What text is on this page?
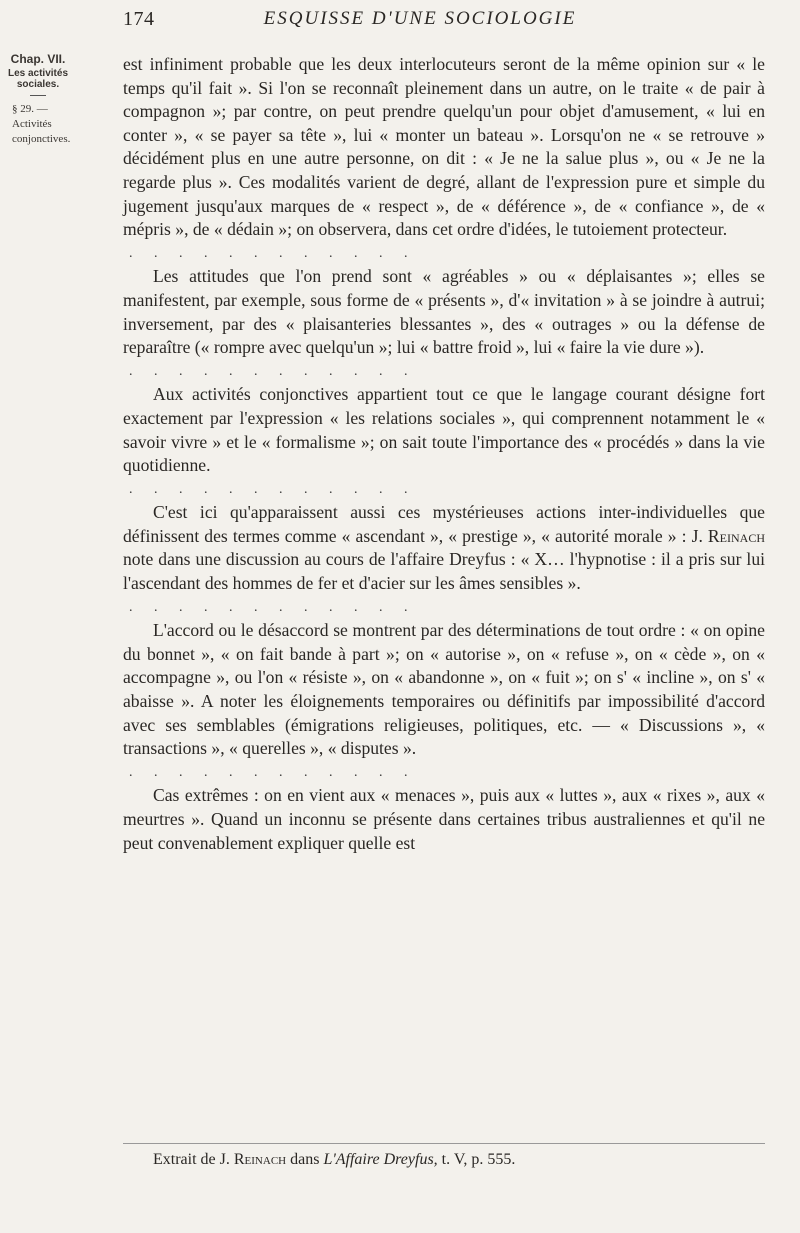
174	ESQUISSE D'UNE SOCIOLOGIE
Chap. VII.
Les activités sociales.
§ 29. — Activités conjonctives.

est infiniment probable que les deux interlocuteurs seront de la même opinion sur « le temps qu'il fait ». Si l'on se reconnaît pleinement dans un autre, on le traite « de pair à compagnon »; par contre, on peut prendre quelqu'un pour objet d'amusement, « lui en conter », « se payer sa tête », lui « monter un bateau ». Lorsqu'on ne « se retrouve » décidément plus en une autre personne, on dit : « Je ne la salue plus », ou « Je ne la regarde plus ». Ces modalités varient de degré, allant de l'expression pure et simple du jugement jusqu'aux marques de « respect », de « déférence », de « confiance », de « mépris », de « dédain »; on observera, dans cet ordre d'idées, le tutoiement protecteur.

. . . . . . . . . . . .

Les attitudes que l'on prend sont « agréables » ou « déplaisantes »; elles se manifestent, par exemple, sous forme de « présents », d'« invitation » à se joindre à autrui; inversement, par des « plaisanteries blessantes », des « outrages » ou la défense de reparaître (« rompre avec quelqu'un »; lui « battre froid », lui « faire la vie dure »).

. . . . . . . . . . . .

Aux activités conjonctives appartient tout ce que le langage courant désigne fort exactement par l'expression « les relations sociales », qui comprennent notamment le « savoir vivre » et le « formalisme »; on sait toute l'importance des « procédés » dans la vie quotidienne.

. . . . . . . . . . . .

C'est ici qu'apparaissent aussi ces mystérieuses actions inter-individuelles que définissent des termes comme « ascendant », « prestige », « autorité morale » : J. Reinach note dans une discussion au cours de l'affaire Dreyfus : « X… l'hypnotise : il a pris sur lui l'ascendant des hommes de fer et d'acier sur les âmes sensibles ».

. . . . . . . . . . . .

L'accord ou le désaccord se montrent par des déterminations de tout ordre : « on opine du bonnet », « on fait bande à part »; on « autorise », on « refuse », on « cède », on « accompagne », ou l'on « résiste », on « abandonne », on « fuit »; on s' « incline », on s' « abaisse ». A noter les éloignements temporaires ou définitifs par impossibilité d'accord avec ses semblables (émigrations religieuses, politiques, etc. — « Discussions », « transactions », « querelles », « disputes ».

. . . . . . . . . . . .

Cas extrêmes : on en vient aux « menaces », puis aux « luttes », aux « rixes », aux « meurtres ». Quand un inconnu se présente dans certaines tribus australiennes et qu'il ne peut convenablement expliquer quelle est

Extrait de J. Reinach dans L'Affaire Dreyfus, t. V, p. 555.
